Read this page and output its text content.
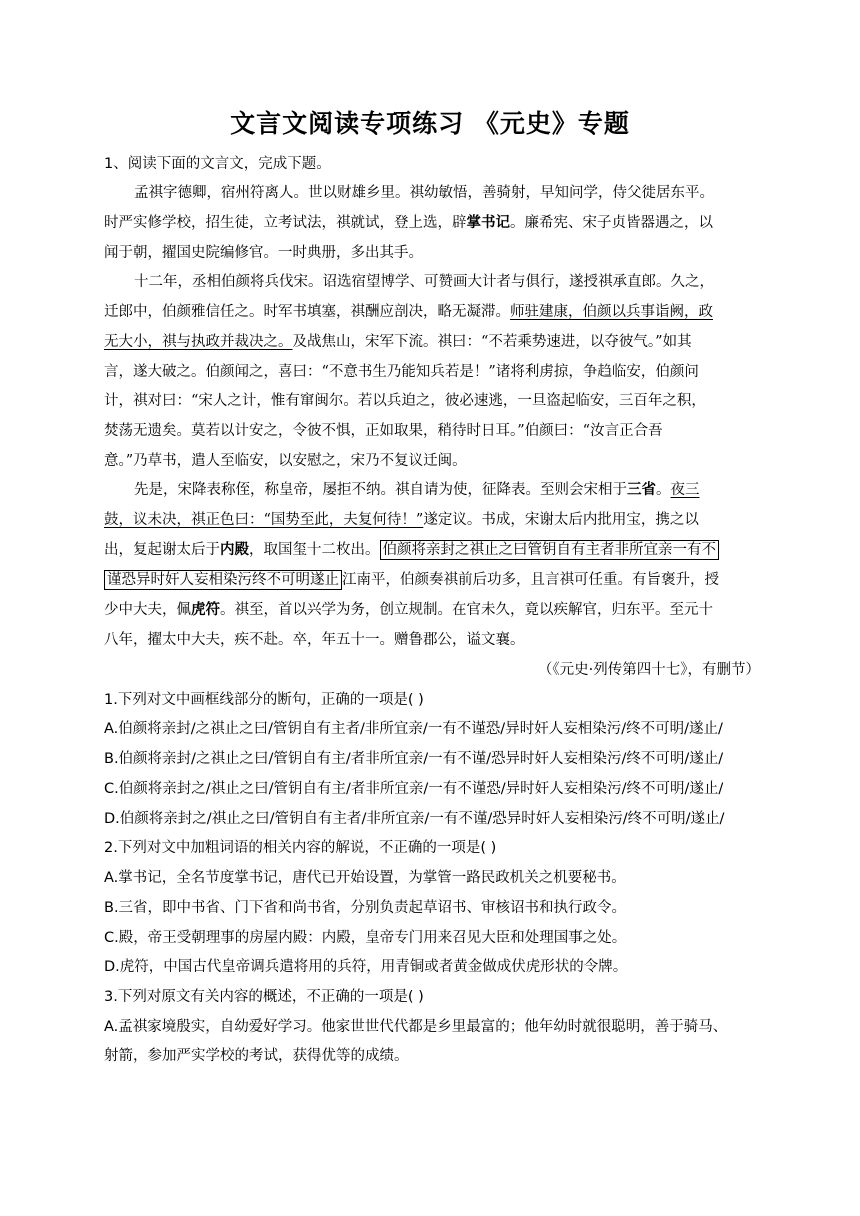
文言文阅读专项练习 《元史》专题
1、阅读下面的文言文，完成下题。
孟祺字德卿，宿州符离人。世以财雄乡里。祺幼敏悟，善骑射，早知问学，侍父徙居东平。
时严实修学校，招生徒，立考试法，祺就试，登上选，辟掌书记。廉希宪、宋子贞皆器遇之，以
闻于朝，擢国史院编修官。一时典册，多出其手。
十二年，丞相伯颜将兵伐宋。诏选宿望博学、可赞画大计者与俱行，遂授祺承直郎。久之，
迁郎中，伯颜雅信任之。时军书填塞，祺酬应剖决，略无凝滞。师驻建康，伯颜以兵事诣阙，政
无大小，祺与执政并裁决之。及战焦山，宋军下流。祺曰：“不若乘势速进，以夺彼气。”如其
言，遂大破之。伯颜闻之，喜曰：“不意书生乃能知兵若是！”诸将利虏掠，争趋临安，伯颜问
计，祺对曰：“宋人之计，惟有窜闽尔。若以兵迫之，彼必速逃，一旦盗起临安，三百年之积，
焚荡无遗矣。莫若以计安之，令彼不惧，正如取果，稍待时日耳。”伯颜曰：“汝言正合吾
意。”乃草书，遣人至临安，以安慰之，宋乃不复议迁闽。
先是，宋降表称侄，称皇帝，屡拒不纳。祺自请为使，征降表。至则会宋相于三省。夜三
鼓，议未决，祺正色曰：“国势至此，夫复何待！”遂定议。书成，宋谢太后内批用宝，携之以
出，复起谢太后于内殿，取国玺十二枚出。 伯颜将亲封之祺止之曰管钥自有主者非所宜亲一有不
谨恐异时奸人妄相染污终不可明遂止 江南平，伯颜奏祺前后功多，且言祺可任重。有旨褒升，授
少中大夫，佩虎符。祺至，首以兴学为务，创立规制。在官未久，竟以疾解官，归东平。至元十
八年，擢太中大夫，疾不赴。卒，年五十一。赠鲁郡公，谥文襄。
（《元史·列传第四十七》，有删节）
1.下列对文中画框线部分的断句，正确的一项是( )
A.伯颜将亲封/之祺止之曰/管钥自有主者/非所宜亲/一有不谨恐/异时奸人妄相染污/终不可明/遂止/
B.伯颜将亲封/之祺止之曰/管钥自有主/者非所宜亲/一有不谨/恐异时奸人妄相染污/终不可明/遂止/
C.伯颜将亲封之/祺止之曰/管钥自有主/者非所宜亲/一有不谨恐/异时奸人妄相染污/终不可明/遂止/
D.伯颜将亲封之/祺止之曰/管钥自有主者/非所宜亲/一有不谨/恐异时奸人妄相染污/终不可明/遂止/
2.下列对文中加粗词语的相关内容的解说，不正确的一项是( )
A.掌书记，全名节度掌书记，唐代已开始设置，为掌管一路民政机关之机要秘书。
B.三省，即中书省、门下省和尚书省，分别负责起草诏书、审核诏书和执行政令。
C.殿，帝王受朝理事的房屋内殿：内殿，皇帝专门用来召见大臣和处理国事之处。
D.虎符，中国古代皇帝调兵遣将用的兵符，用青铜或者黄金做成伏虎形状的令牌。
3.下列对原文有关内容的概述，不正确的一项是( )
A.孟祺家境殷实，自幼爱好学习。他家世世代代都是乡里最富的；他年幼时就很聪明，善于骑马、
射箭，参加严实学校的考试，获得优等的成绩。
